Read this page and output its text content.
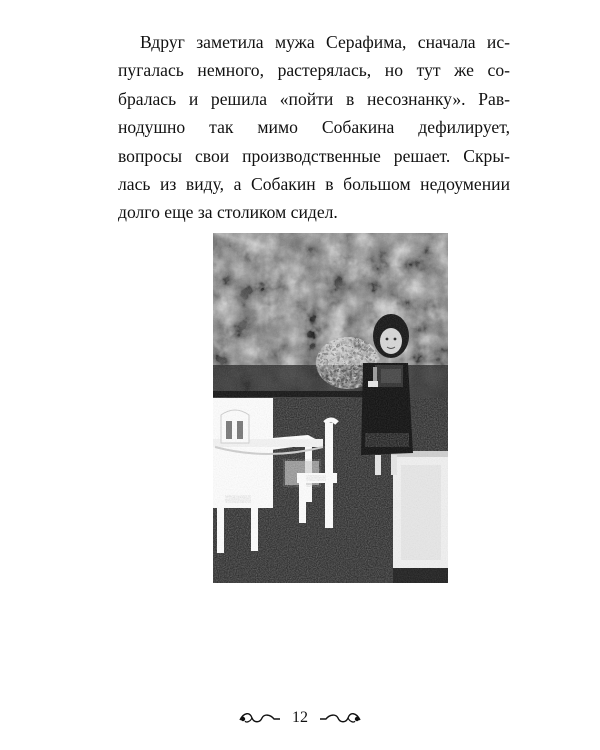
Вдруг заметила мужа Серафима, сначала ис-
пугалась немного, растерялась, но тут же со-
бралась и решила «пойти в несознанку». Рав-
нодушно так мимо Собакина дефилирует,
вопросы свои производственные решает. Скры-
лась из виду, а Собакин в большом недоумении
долго еще за столиком сидел.
12
